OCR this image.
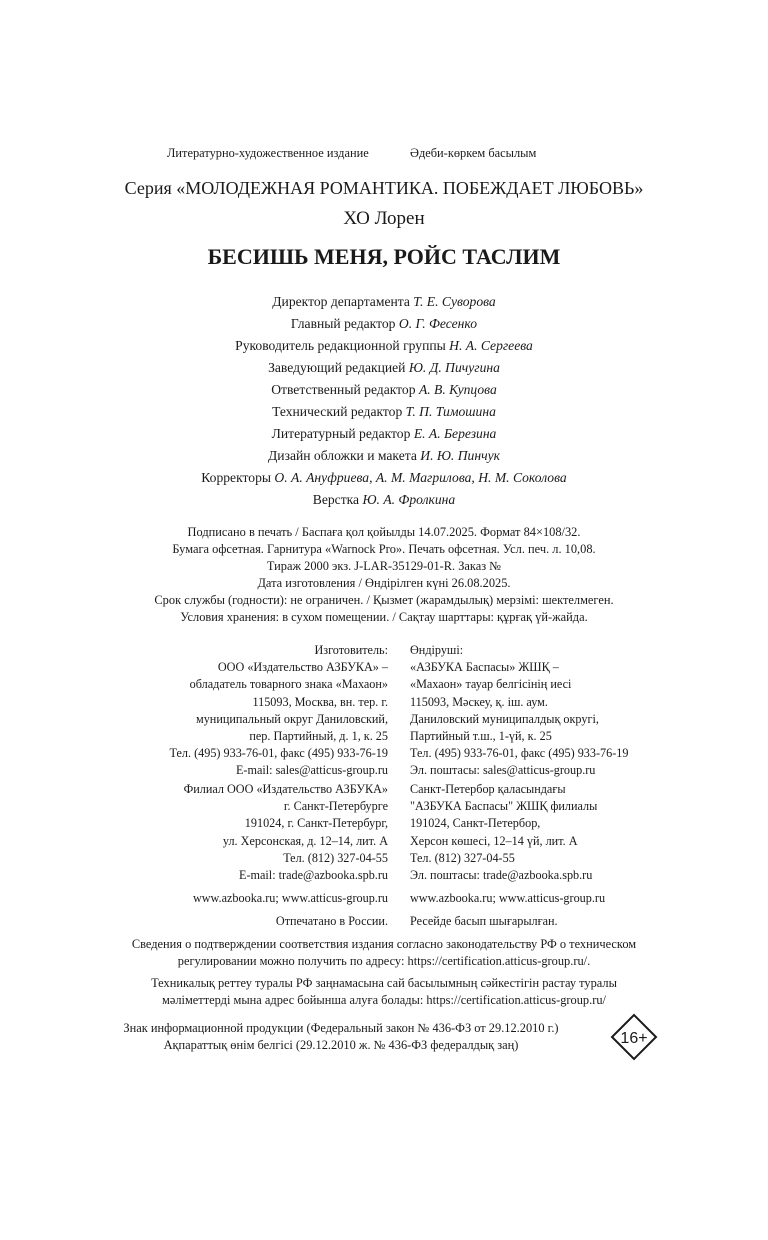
Литературно-художественное издание	Әдеби-көркем басылым
Серия «МОЛОДЕЖНАЯ РОМАНТИКА. ПОБЕЖДАЕТ ЛЮБОВЬ»
ХО Лорен
БЕСИШЬ МЕНЯ, РОЙС ТАСЛИМ
Директор департамента Т. Е. Суворова
Главный редактор О. Г. Фесенко
Руководитель редакционной группы Н. А. Сергеева
Заведующий редакцией Ю. Д. Пичугина
Ответственный редактор А. В. Купцова
Технический редактор Т. П. Тимошина
Литературный редактор Е. А. Березина
Дизайн обложки и макета И. Ю. Пинчук
Корректоры О. А. Ануфриева, А. М. Магрилова, Н. М. Соколова
Верстка Ю. А. Фролкина
Подписано в печать / Баспаға қол қойылды 14.07.2025. Формат 84×108/32.
Бумага офсетная. Гарнитура «Warnock Pro». Печать офсетная. Усл. печ. л. 10,08.
Тираж 2000 экз. J-LAR-35129-01-R. Заказ №
Дата изготовления / Өндірілген күні 26.08.2025.
Срок службы (годности): не ограничен. / Қызмет (жарамдылық) мерзімі: шектелмеген.
Условия хранения: в сухом помещении. / Сақтау шарттары: құрғақ үй-жайда.
Изготовитель:
ООО «Издательство АЗБУКА» –
обладатель товарного знака «Махаон»
115093, Москва, вн. тер. г.
муниципальный округ Даниловский,
пер. Партийный, д. 1, к. 25
Тел. (495) 933-76-01, факс (495) 933-76-19
E-mail: sales@atticus-group.ru
Өндіруші:
«АЗБУКА Баспасы» ЖШҚ –
«Махаон» тауар белгісінің иесі
115093, Мәскеу, қ. іш. аум.
Даниловский муниципалдық округі,
Партийный т.ш., 1-үй, к. 25
Тел. (495) 933-76-01, факс (495) 933-76-19
Эл. поштасы: sales@atticus-group.ru
Филиал ООО «Издательство АЗБУКА»
г. Санкт-Петербурге
191024, г. Санкт-Петербург,
ул. Херсонская, д. 12–14, лит. А
Тел. (812) 327-04-55
E-mail: trade@azbooka.spb.ru
Санкт-Петербор қаласындағы
"АЗБУКА Баспасы" ЖШҚ филиалы
191024, Санкт-Петербор,
Херсон көшесі, 12–14 үй, лит. А
Тел. (812) 327-04-55
Эл. поштасы: trade@azbooka.spb.ru
www.azbooka.ru; www.atticus-group.ru www.azbooka.ru; www.atticus-group.ru
Отпечатано в России. Ресейде басып шығарылған.
Сведения о подтверждении соответствия издания согласно законодательству РФ о техническом
регулировании можно получить по адресу: https://certification.atticus-group.ru/.
Техникалық реттеу туралы РФ заңнамасына сай басылымның сәйкестігін растау туралы
мәліметтерді мына адрес бойынша алуға болады: https://certification.atticus-group.ru/
Знак информационной продукции (Федеральный закон № 436-ФЗ от 29.12.2010 г.)
Ақпараттық өнім белгісі (29.12.2010 ж. № 436-ФЗ федералдық заң)	16+
